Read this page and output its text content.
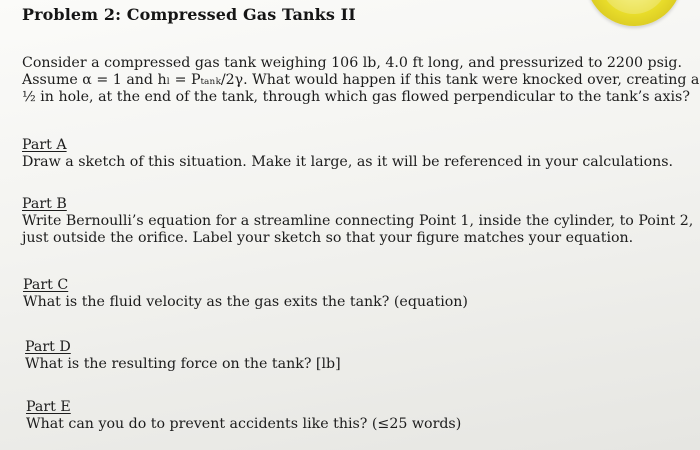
Problem 2: Compressed Gas Tanks II
Consider a compressed gas tank weighing 106 lb, 4.0 ft long, and pressurized to 2200 psig.
Assume α = 1 and hₗ = Pₜₐₙₖ/2γ. What would happen if this tank were knocked over, creating a
½ in hole, at the end of the tank, through which gas flowed perpendicular to the tank’s axis?
Part A
Draw a sketch of this situation. Make it large, as it will be referenced in your calculations.
Part B
Write Bernoulli’s equation for a streamline connecting Point 1, inside the cylinder, to Point 2,
just outside the orifice. Label your sketch so that your figure matches your equation.
Part C
What is the fluid velocity as the gas exits the tank? (equation)
Part D
What is the resulting force on the tank? [lb]
Part E
What can you do to prevent accidents like this? (≤25 words)
